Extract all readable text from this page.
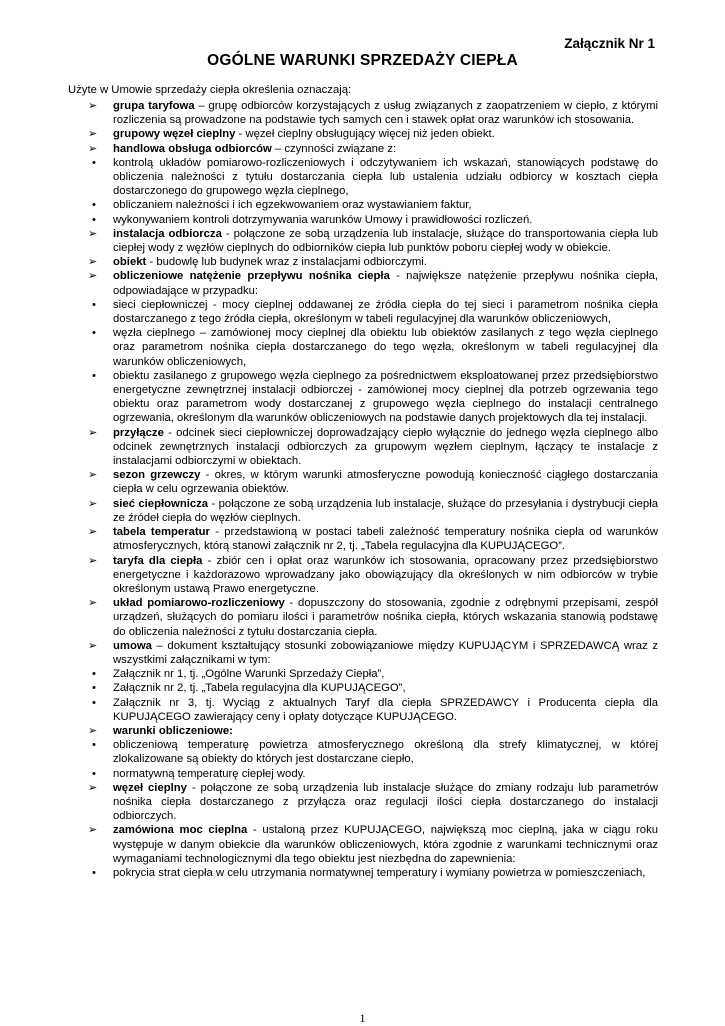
Załącznik Nr 1
OGÓLNE WARUNKI SPRZEDAŻY CIEPŁA
Użyte w Umowie sprzedaży ciepła określenia oznaczają:
➢ grupa taryfowa – grupę odbiorców korzystających z usług związanych z zaopatrzeniem w ciepło, z którymi rozliczenia są prowadzone na podstawie tych samych cen i stawek opłat oraz warunków ich stosowania.
➢ grupowy węzeł cieplny - węzeł cieplny obsługujący więcej niż jeden obiekt.
➢ handlowa obsługa odbiorców – czynności związane z:
• kontrolą układów pomiarowo-rozliczeniowych i odczytywaniem ich wskazań, stanowiących podstawę do obliczenia należności z tytułu dostarczania ciepła lub ustalenia udziału odbiorcy w kosztach ciepła dostarczonego do grupowego węzła cieplnego,
• obliczaniem należności i ich egzekwowaniem oraz wystawianiem faktur,
• wykonywaniem kontroli dotrzymywania warunków Umowy i prawidłowości rozliczeń.
➢ instalacja odbiorcza - połączone ze sobą urządzenia lub instalacje, służące do transportowania ciepła lub ciepłej wody z węzłów cieplnych do odbiorników ciepła lub punktów poboru ciepłej wody w obiekcie.
➢ obiekt - budowlę lub budynek wraz z instalacjami odbiorczymi.
➢ obliczeniowe natężenie przepływu nośnika ciepła - największe natężenie przepływu nośnika ciepła, odpowiadające w przypadku:
• sieci ciepłowniczej - mocy cieplnej oddawanej ze źródła ciepła do tej sieci i parametrom nośnika ciepła dostarczanego z tego źródła ciepła, określonym w tabeli regulacyjnej dla warunków obliczeniowych,
• węzła cieplnego – zamówionej mocy cieplnej dla obiektu lub obiektów zasilanych z tego węzła cieplnego oraz parametrom nośnika ciepła dostarczanego do tego węzła, określonym w tabeli regulacyjnej dla warunków obliczeniowych,
• obiektu zasilanego z grupowego węzła cieplnego za pośrednictwem eksploatowanej przez przedsiębiorstwo energetyczne zewnętrznej instalacji odbiorczej - zamówionej mocy cieplnej dla potrzeb ogrzewania tego obiektu oraz parametrom wody dostarczanej z grupowego węzła cieplnego do instalacji centralnego ogrzewania, określonym dla warunków obliczeniowych na podstawie danych projektowych dla tej instalacji.
➢ przyłącze - odcinek sieci ciepłowniczej doprowadzający ciepło wyłącznie do jednego węzła cieplnego albo odcinek zewnętrznych instalacji odbiorczych za grupowym węzłem cieplnym, łączący te instalacje z instalacjami odbiorczymi w obiektach.
➢ sezon grzewczy - okres, w którym warunki atmosferyczne powodują konieczność ciągłego dostarczania ciepła w celu ogrzewania obiektów.
➢ sieć ciepłownicza - połączone ze sobą urządzenia lub instalacje, służące do przesyłania i dystrybucji ciepła ze źródeł ciepła do węzłów cieplnych.
➢ tabela temperatur - przedstawioną w postaci tabeli zależność temperatury nośnika ciepła od warunków atmosferycznych, którą stanowi załącznik nr 2, tj. „Tabela regulacyjna dla KUPUJĄCEGO”.
➢ taryfa dla ciepła - zbiór cen i opłat oraz warunków ich stosowania, opracowany przez przedsiębiorstwo energetyczne i każdorazowo wprowadzany jako obowiązujący dla określonych w nim odbiorców w trybie określonym ustawą Prawo energetyczne.
➢ układ pomiarowo-rozliczeniowy - dopuszczony do stosowania, zgodnie z odrębnymi przepisami, zespół urządzeń, służących do pomiaru ilości i parametrów nośnika ciepła, których wskazania stanowią podstawę do obliczenia należności z tytułu dostarczania ciepła.
➢ umowa – dokument kształtujący stosunki zobowiązaniowe między KUPUJĄCYM i SPRZEDAWCĄ wraz z wszystkimi załącznikami w tym:
• Załącznik nr 1, tj. „Ogólne Warunki Sprzedaży Ciepła”,
• Załącznik nr 2, tj. „Tabela regulacyjna dla KUPUJĄCEGO”,
• Załącznik nr 3, tj. Wyciąg z aktualnych Taryf dla ciepła SPRZEDAWCY i Producenta ciepła dla KUPUJĄCEGO zawierający ceny i opłaty dotyczące KUPUJĄCEGO.
➢ warunki obliczeniowe:
• obliczeniową temperaturę powietrza atmosferycznego określoną dla strefy klimatycznej, w której zlokalizowane są obiekty do których jest dostarczane ciepło,
• normatywną temperaturę ciepłej wody.
➢ węzeł cieplny - połączone ze sobą urządzenia lub instalacje służące do zmiany rodzaju lub parametrów nośnika ciepła dostarczanego z przyłącza oraz regulacji ilości ciepła dostarczanego do instalacji odbiorczych.
➢ zamówiona moc cieplna - ustaloną przez KUPUJĄCEGO, największą moc cieplną, jaka w ciągu roku występuje w danym obiekcie dla warunków obliczeniowych, która zgodnie z warunkami technicznymi oraz wymaganiami technologicznymi dla tego obiektu jest niezbędna do zapewnienia:
• pokrycia strat ciepła w celu utrzymania normatywnej temperatury i wymiany powietrza w pomieszczeniach,
1
